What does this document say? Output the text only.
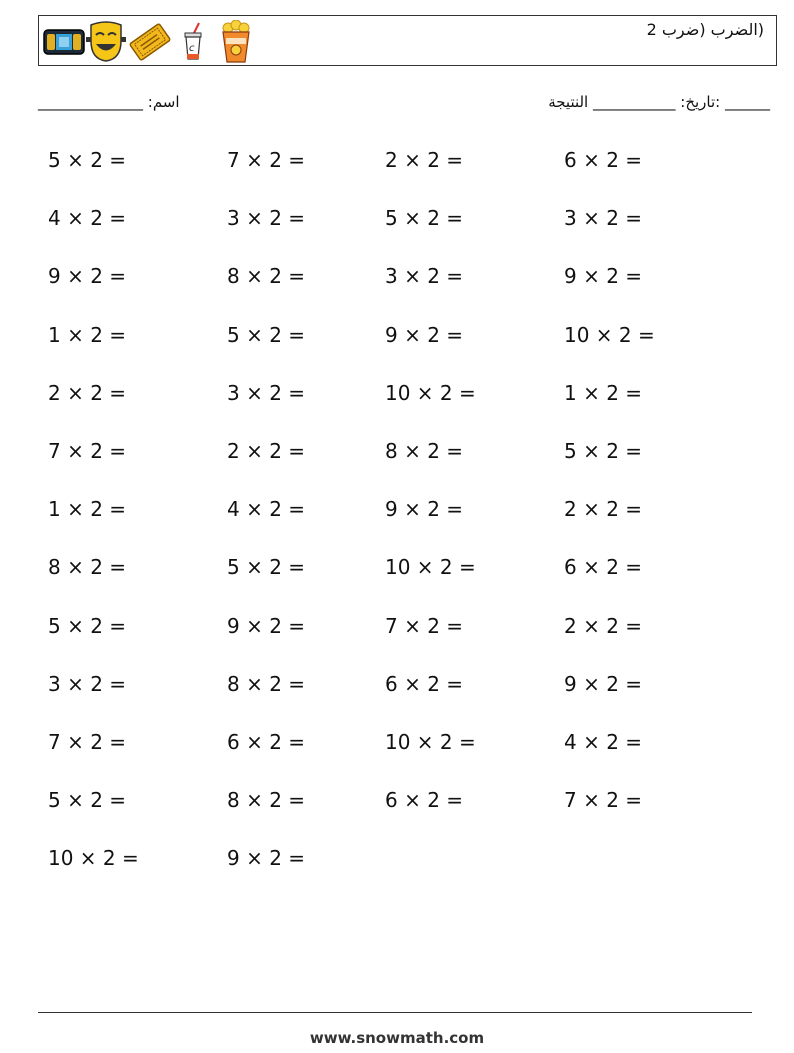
c
(الضرب (ضرب 2
______ :تاريخ: ___________ النتيجة
اسم: ______________
5 × 2 =	7 × 2 =	2 × 2 =	6 × 2 =
4 × 2 =	3 × 2 =	5 × 2 =	3 × 2 =
9 × 2 =	8 × 2 =	3 × 2 =	9 × 2 =
1 × 2 =	5 × 2 =	9 × 2 =	10 × 2 =
2 × 2 =	3 × 2 =	10 × 2 =	1 × 2 =
7 × 2 =	2 × 2 =	8 × 2 =	5 × 2 =
1 × 2 =	4 × 2 =	9 × 2 =	2 × 2 =
8 × 2 =	5 × 2 =	10 × 2 =	6 × 2 =
5 × 2 =	9 × 2 =	7 × 2 =	2 × 2 =
3 × 2 =	8 × 2 =	6 × 2 =	9 × 2 =
7 × 2 =	6 × 2 =	10 × 2 =	4 × 2 =
5 × 2 =	8 × 2 =	6 × 2 =	7 × 2 =
10 × 2 =	9 × 2 =
www.snowmath.com
